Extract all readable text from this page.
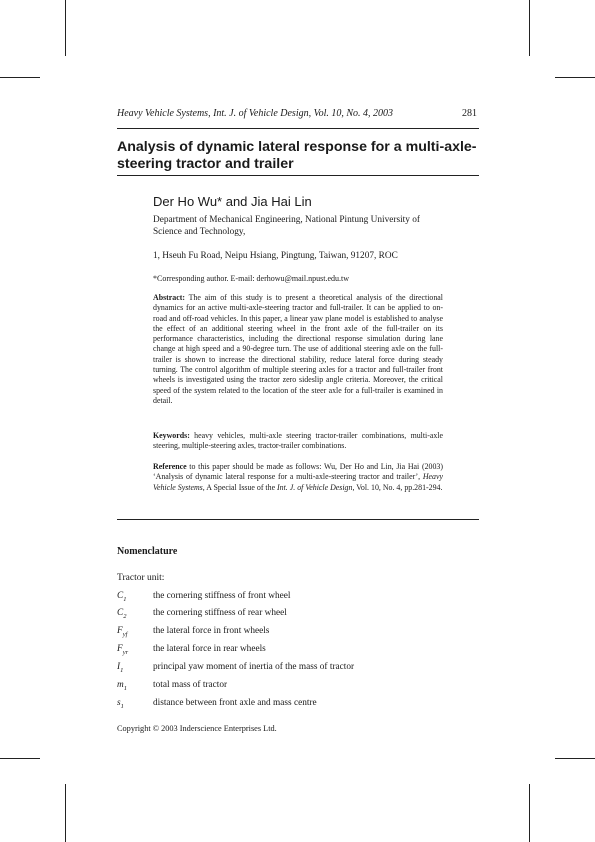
Heavy Vehicle Systems, Int. J. of Vehicle Design, Vol. 10, No. 4, 2003	281
Analysis of dynamic lateral response for a multi-axle-
steering tractor and trailer
Der Ho Wu* and Jia Hai Lin
Department of Mechanical Engineering, National Pintung University of
Science and Technology,
1, Hseuh Fu Road, Neipu Hsiang, Pingtung, Taiwan, 91207, ROC
*Corresponding author. E-mail: derhowu@mail.npust.edu.tw
Abstract: The aim of this study is to present a theoretical analysis of the directional dynamics for an active multi-axle-steering tractor and full-trailer. It can be applied to on-road and off-road vehicles. In this paper, a linear yaw plane model is established to analyse the effect of an additional steering wheel in the front axle of the full-trailer on its performance characteristics, including the directional response simulation during lane change at high speed and a 90-degree turn. The use of additional steering axle on the full-trailer is shown to increase the directional stability, reduce lateral force during steady turning. The control algorithm of multiple steering axles for a tractor and full-trailer front wheels is investigated using the tractor zero sideslip angle criteria. Moreover, the critical speed of the system related to the location of the steer axle for a full-trailer is examined in detail.
Keywords: heavy vehicles, multi-axle steering tractor-trailer combinations, multi-axle steering, multiple-steering axles, tractor-trailer combinations.
Reference to this paper should be made as follows: Wu, Der Ho and Lin, Jia Hai (2003) ‘Analysis of dynamic lateral response for a multi-axle-steering tractor and trailer’, Heavy Vehicle Systems, A Special Issue of the Int. J. of Vehicle Design, Vol. 10, No. 4, pp.281-294.
Nomenclature
Tractor unit:
$C_1$	the cornering stiffness of front wheel
$C_2$	the cornering stiffness of rear wheel
$F_{yf}$	the lateral force in front wheels
$F_{yr}$	the lateral force in rear wheels
$I_1$	principal yaw moment of inertia of the mass of tractor
$m_1$	total mass of tractor
$s_1$	distance between front axle and mass centre
Copyright © 2003 Inderscience Enterprises Ltd.
